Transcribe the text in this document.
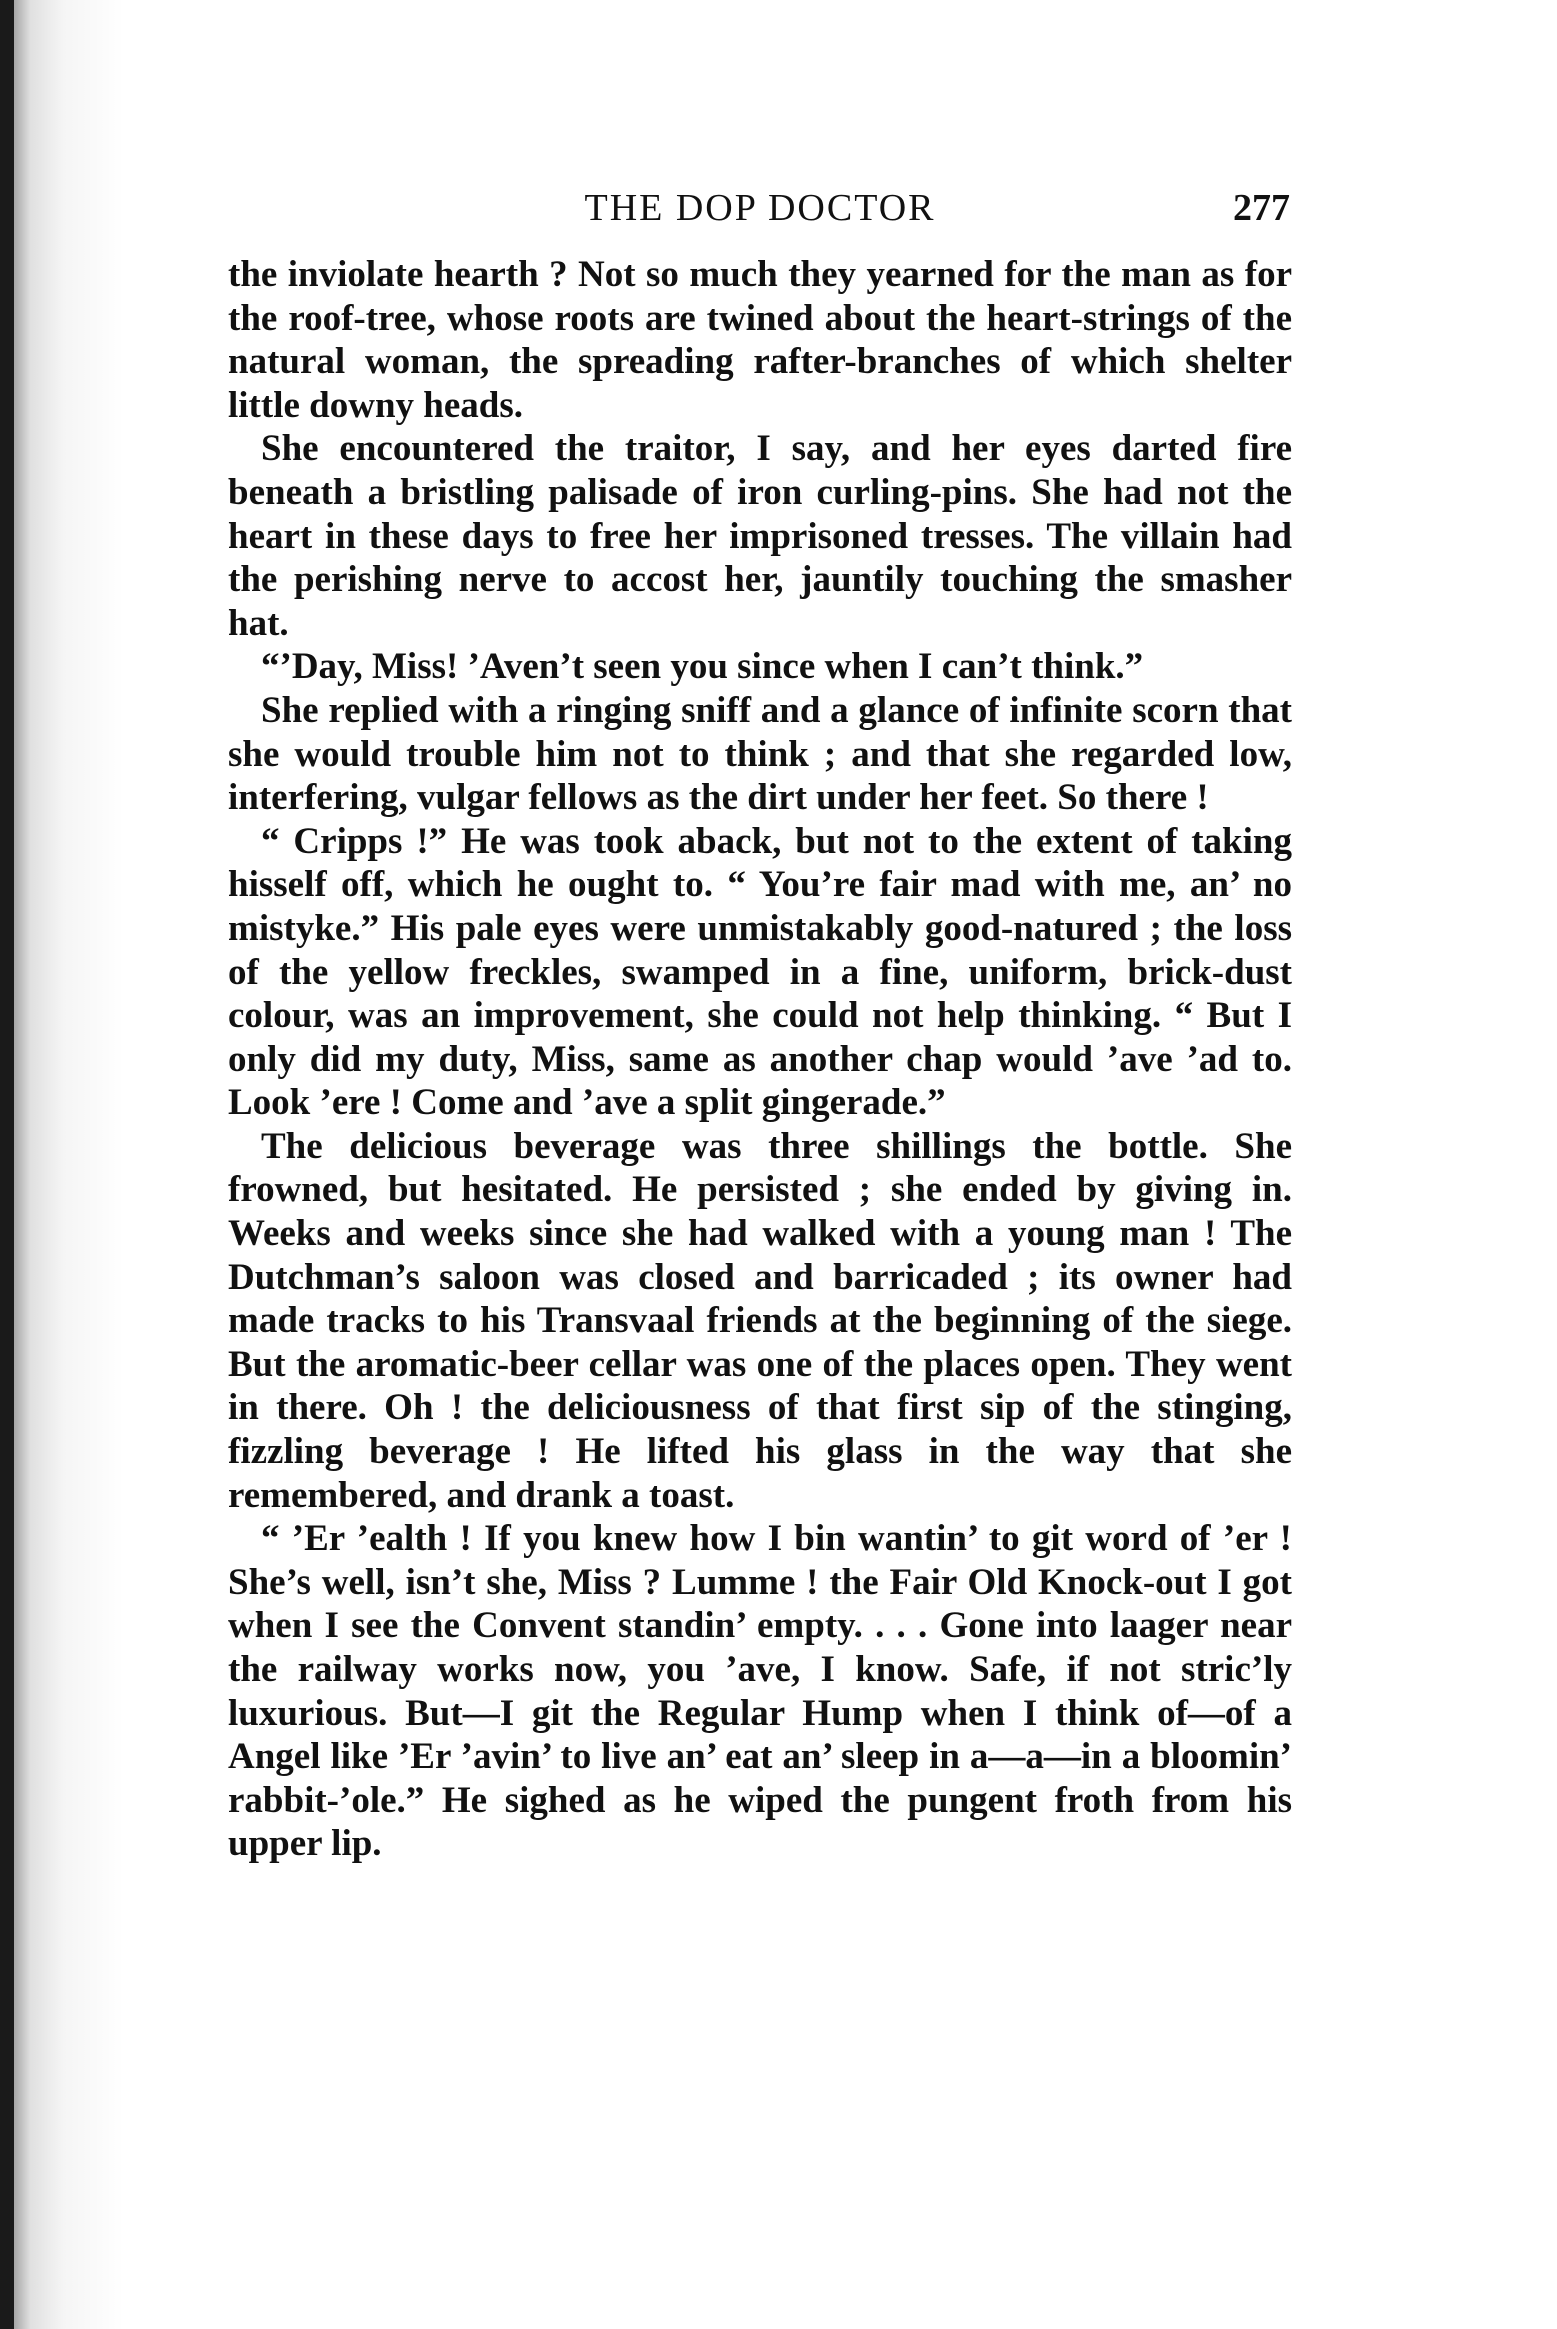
THE DOP DOCTOR	277

the inviolate hearth ? Not so much they yearned for the man as for the roof-tree, whose roots are twined about the heart-strings of the natural woman, the spreading rafter-branches of which shelter little downy heads.

She encountered the traitor, I say, and her eyes darted fire beneath a bristling palisade of iron curling-pins. She had not the heart in these days to free her imprisoned tresses. The villain had the perishing nerve to accost her, jauntily touching the smasher hat.

“’Day, Miss! ’Aven’t seen you since when I can’t think.”

She replied with a ringing sniff and a glance of infinite scorn that she would trouble him not to think ; and that she regarded low, interfering, vulgar fellows as the dirt under her feet. So there !

“ Cripps !” He was took aback, but not to the extent of taking hisself off, which he ought to. “ You’re fair mad with me, an’ no mistyke.” His pale eyes were unmistakably good-natured ; the loss of the yellow freckles, swamped in a fine, uniform, brick-dust colour, was an improvement, she could not help thinking. “ But I only did my duty, Miss, same as another chap would ’ave ’ad to. Look ’ere ! Come and ’ave a split gingerade.”

The delicious beverage was three shillings the bottle. She frowned, but hesitated. He persisted ; she ended by giving in. Weeks and weeks since she had walked with a young man ! The Dutchman’s saloon was closed and barricaded ; its owner had made tracks to his Transvaal friends at the beginning of the siege. But the aromatic-beer cellar was one of the places open. They went in there. Oh ! the deliciousness of that first sip of the stinging, fizzling beverage ! He lifted his glass in the way that she remembered, and drank a toast.

“ ’Er ’ealth ! If you knew how I bin wantin’ to git word of ’er ! She’s well, isn’t she, Miss ? Lumme ! the Fair Old Knock-out I got when I see the Convent standin’ empty. . . . Gone into laager near the railway works now, you ’ave, I know. Safe, if not stric’ly luxurious. But—I git the Regular Hump when I think of—of a Angel like ’Er ’avin’ to live an’ eat an’ sleep in a—a—in a bloomin’ rabbit-’ole.” He sighed as he wiped the pungent froth from his upper lip.
